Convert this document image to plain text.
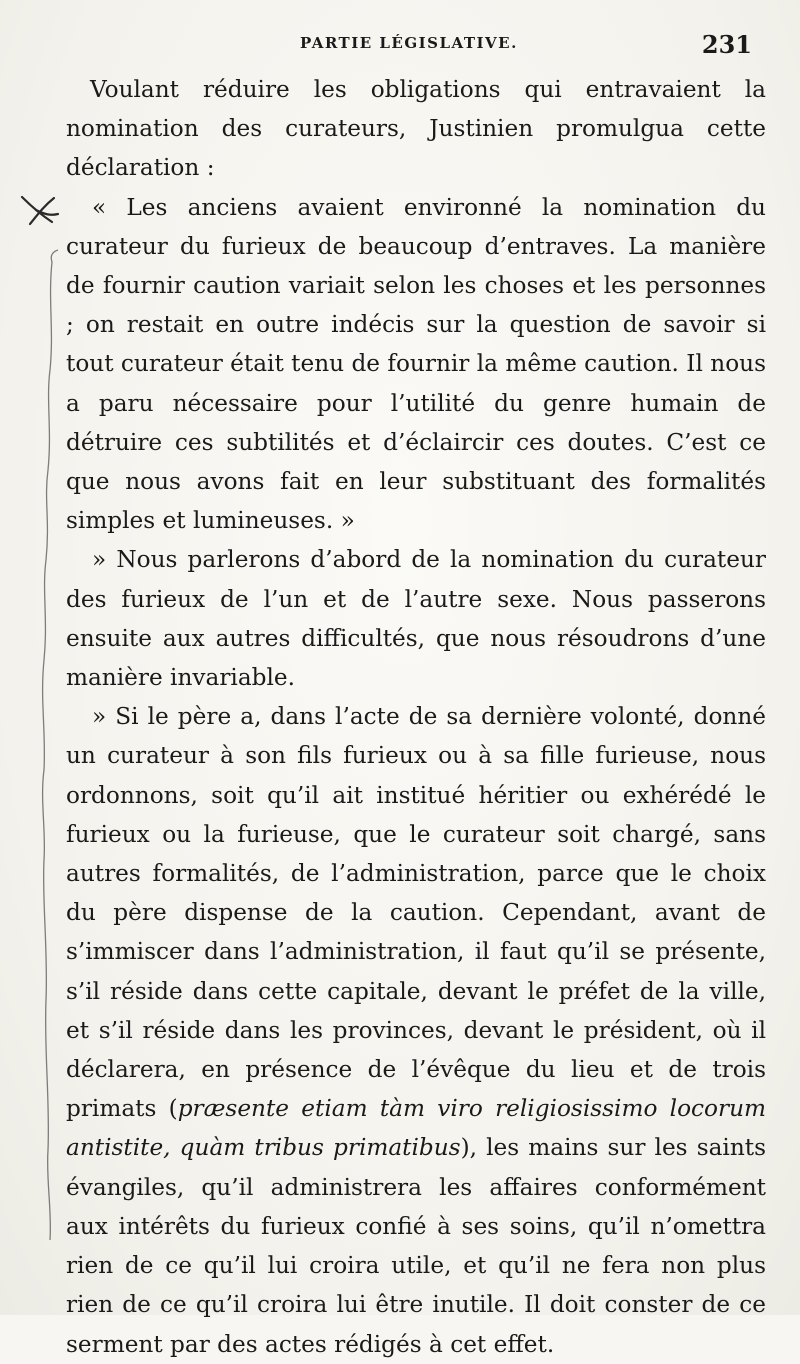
PARTIE LÉGISLATIVE.	231

Voulant réduire les obligations qui entravaient la nomination des curateurs, Justinien promulgua cette déclaration :

« Les anciens avaient environné la nomination du curateur du furieux de beaucoup d’entraves. La manière de fournir caution variait selon les choses et les personnes ; on restait en outre indécis sur la question de savoir si tout curateur était tenu de fournir la même caution. Il nous a paru nécessaire pour l’utilité du genre humain de détruire ces subtilités et d’éclaircir ces doutes. C’est ce que nous avons fait en leur substituant des formalités simples et lumineuses. »

» Nous parlerons d’abord de la nomination du curateur des furieux de l’un et de l’autre sexe. Nous passerons ensuite aux autres difficultés, que nous résoudrons d’une manière invariable.

» Si le père a, dans l’acte de sa dernière volonté, donné un curateur à son fils furieux ou à sa fille furieuse, nous ordonnons, soit qu’il ait institué héritier ou exhérédé le furieux ou la furieuse, que le curateur soit chargé, sans autres formalités, de l’administration, parce que le choix du père dispense de la caution. Cependant, avant de s’immiscer dans l’administration, il faut qu’il se présente, s’il réside dans cette capitale, devant le préfet de la ville, et s’il réside dans les provinces, devant le président, où il déclarera, en présence de l’évêque du lieu et de trois primats (præsente etiam tàm viro religiosissimo locorum antistite, quàm tribus primatibus), les mains sur les saints évangiles, qu’il administrera les affaires conformément aux intérêts du furieux confié à ses soins, qu’il n’omettra rien de ce qu’il lui croira utile, et qu’il ne fera non plus rien de ce qu’il croira lui être inutile. Il doit conster de ce serment par des actes rédigés à cet effet.
